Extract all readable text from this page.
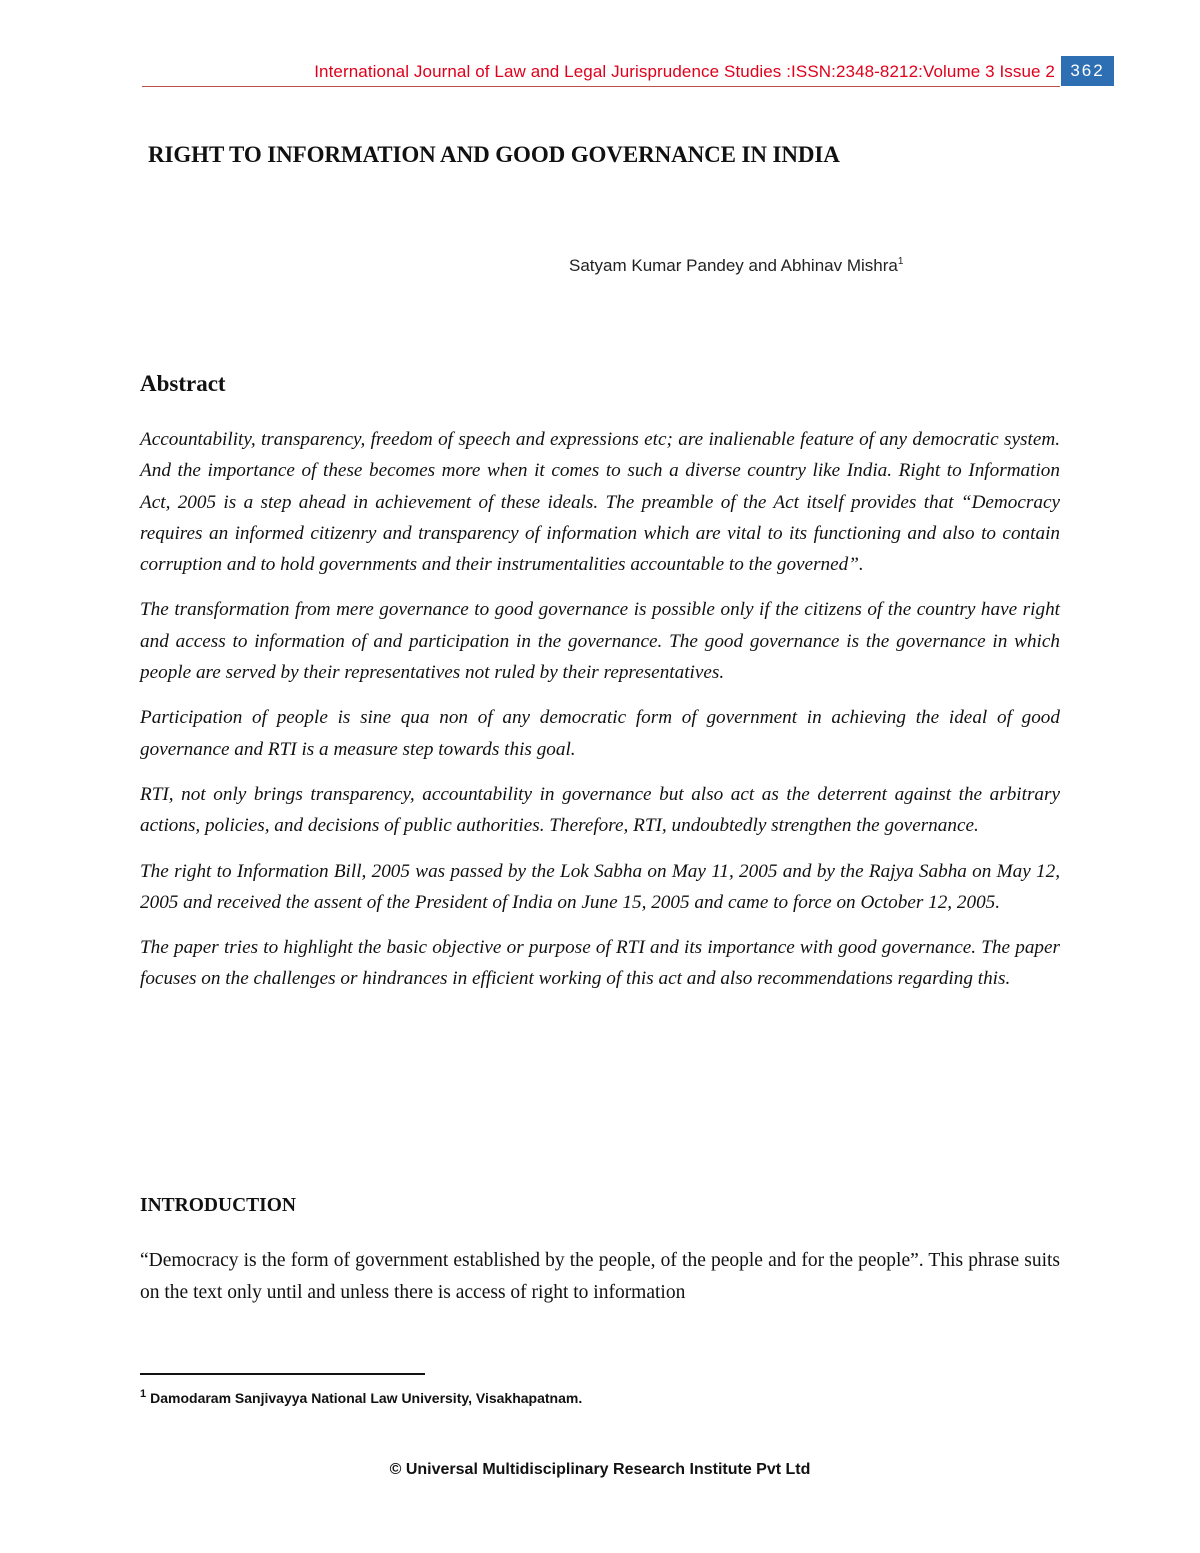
International Journal of Law and Legal Jurisprudence Studies :ISSN:2348-8212:Volume 3 Issue 2 362
RIGHT TO INFORMATION AND GOOD GOVERNANCE IN INDIA
Satyam Kumar Pandey and Abhinav Mishra$^1$
Abstract

Accountability, transparency, freedom of speech and expressions etc; are inalienable feature of any democratic system. And the importance of these becomes more when it comes to such a diverse country like India. Right to Information Act, 2005 is a step ahead in achievement of these ideals. The preamble of the Act itself provides that “Democracy requires an informed citizenry and transparency of information which are vital to its functioning and also to contain corruption and to hold governments and their instrumentalities accountable to the governed”.

The transformation from mere governance to good governance is possible only if the citizens of the country have right and access to information of and participation in the governance. The good governance is the governance in which people are served by their representatives not ruled by their representatives.

Participation of people is sine qua non of any democratic form of government in achieving the ideal of good governance and RTI is a measure step towards this goal.

RTI, not only brings transparency, accountability in governance but also act as the deterrent against the arbitrary actions, policies, and decisions of public authorities. Therefore, RTI, undoubtedly strengthen the governance.

The right to Information Bill, 2005 was passed by the Lok Sabha on May 11, 2005 and by the Rajya Sabha on May 12, 2005 and received the assent of the President of India on June 15, 2005 and came to force on October 12, 2005.

The paper tries to highlight the basic objective or purpose of RTI and its importance with good governance. The paper focuses on the challenges or hindrances in efficient working of this act and also recommendations regarding this.

INTRODUCTION

“Democracy is the form of government established by the people, of the people and for the people”. This phrase suits on the text only until and unless there is access of right to information

$^1$ Damodaram Sanjivayya National Law University, Visakhapatnam.
© Universal Multidisciplinary Research Institute Pvt Ltd
